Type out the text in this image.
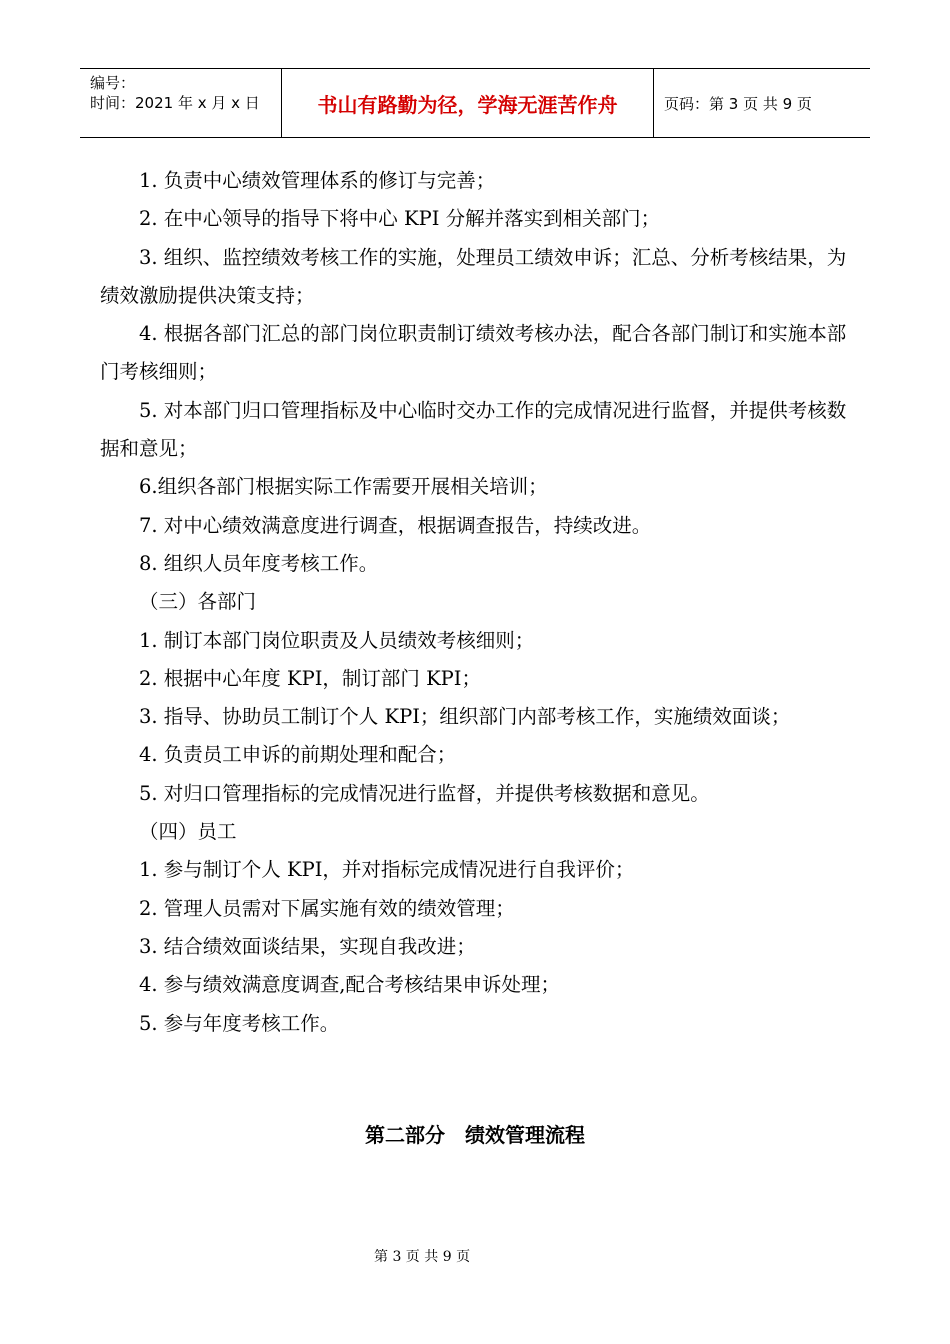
编号：
时间：2021 年 x 月 x 日	书山有路勤为径，学海无涯苦作舟	页码：第 3 页 共 9 页

1. 负责中心绩效管理体系的修订与完善；

2. 在中心领导的指导下将中心 KPI 分解并落实到相关部门；

3. 组织、监控绩效考核工作的实施，处理员工绩效申诉；汇总、分析考核结果，为绩效激励提供决策支持；

4. 根据各部门汇总的部门岗位职责制订绩效考核办法，配合各部门制订和实施本部门考核细则；

5. 对本部门归口管理指标及中心临时交办工作的完成情况进行监督，并提供考核数据和意见；

6.组织各部门根据实际工作需要开展相关培训；

7. 对中心绩效满意度进行调查，根据调查报告，持续改进。

8. 组织人员年度考核工作。

（三）各部门

1. 制订本部门岗位职责及人员绩效考核细则；

2. 根据中心年度 KPI，制订部门 KPI；

3. 指导、协助员工制订个人 KPI；组织部门内部考核工作，实施绩效面谈；

4. 负责员工申诉的前期处理和配合；

5. 对归口管理指标的完成情况进行监督，并提供考核数据和意见。

（四）员工

1. 参与制订个人 KPI，并对指标完成情况进行自我评价；

2. 管理人员需对下属实施有效的绩效管理；

3. 结合绩效面谈结果，实现自我改进；

4. 参与绩效满意度调查,配合考核结果申诉处理；

5. 参与年度考核工作。

第二部分　绩效管理流程
第 3 页 共 9 页
